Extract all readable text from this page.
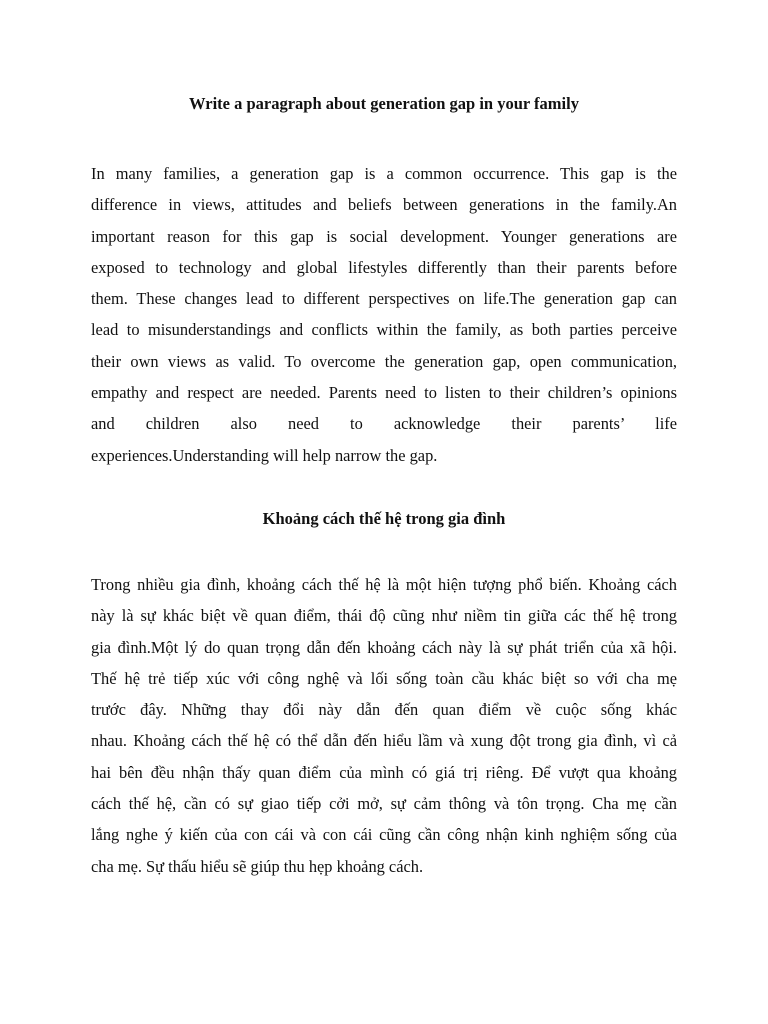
Write a paragraph about generation gap in your family
In many families, a generation gap is a common occurrence. This gap is the
difference in views, attitudes and beliefs between generations in the family.An
important reason for this gap is social development. Younger generations are
exposed to technology and global lifestyles differently than their parents before
them. These changes lead to different perspectives on life.The generation gap can
lead to misunderstandings and conflicts within the family, as both parties perceive
their own views as valid. To overcome the generation gap, open communication,
empathy and respect are needed. Parents need to listen to their children’s opinions
and children also need to acknowledge their parents’ life
experiences.Understanding will help narrow the gap.
Khoảng cách thế hệ trong gia đình
Trong nhiều gia đình, khoảng cách thế hệ là một hiện tượng phổ biến. Khoảng cách
này là sự khác biệt về quan điểm, thái độ cũng như niềm tin giữa các thế hệ trong
gia đình.Một lý do quan trọng dẫn đến khoảng cách này là sự phát triển của xã hội.
Thế hệ trẻ tiếp xúc với công nghệ và lối sống toàn cầu khác biệt so với cha mẹ
trước đây. Những thay đổi này dẫn đến quan điểm về cuộc sống khác
nhau. Khoảng cách thế hệ có thể dẫn đến hiểu lầm và xung đột trong gia đình, vì cả
hai bên đều nhận thấy quan điểm của mình có giá trị riêng. Để vượt qua khoảng
cách thế hệ, cần có sự giao tiếp cởi mở, sự cảm thông và tôn trọng. Cha mẹ cần
lắng nghe ý kiến của con cái và con cái cũng cần công nhận kinh nghiệm sống của
cha mẹ. Sự thấu hiểu sẽ giúp thu hẹp khoảng cách.
